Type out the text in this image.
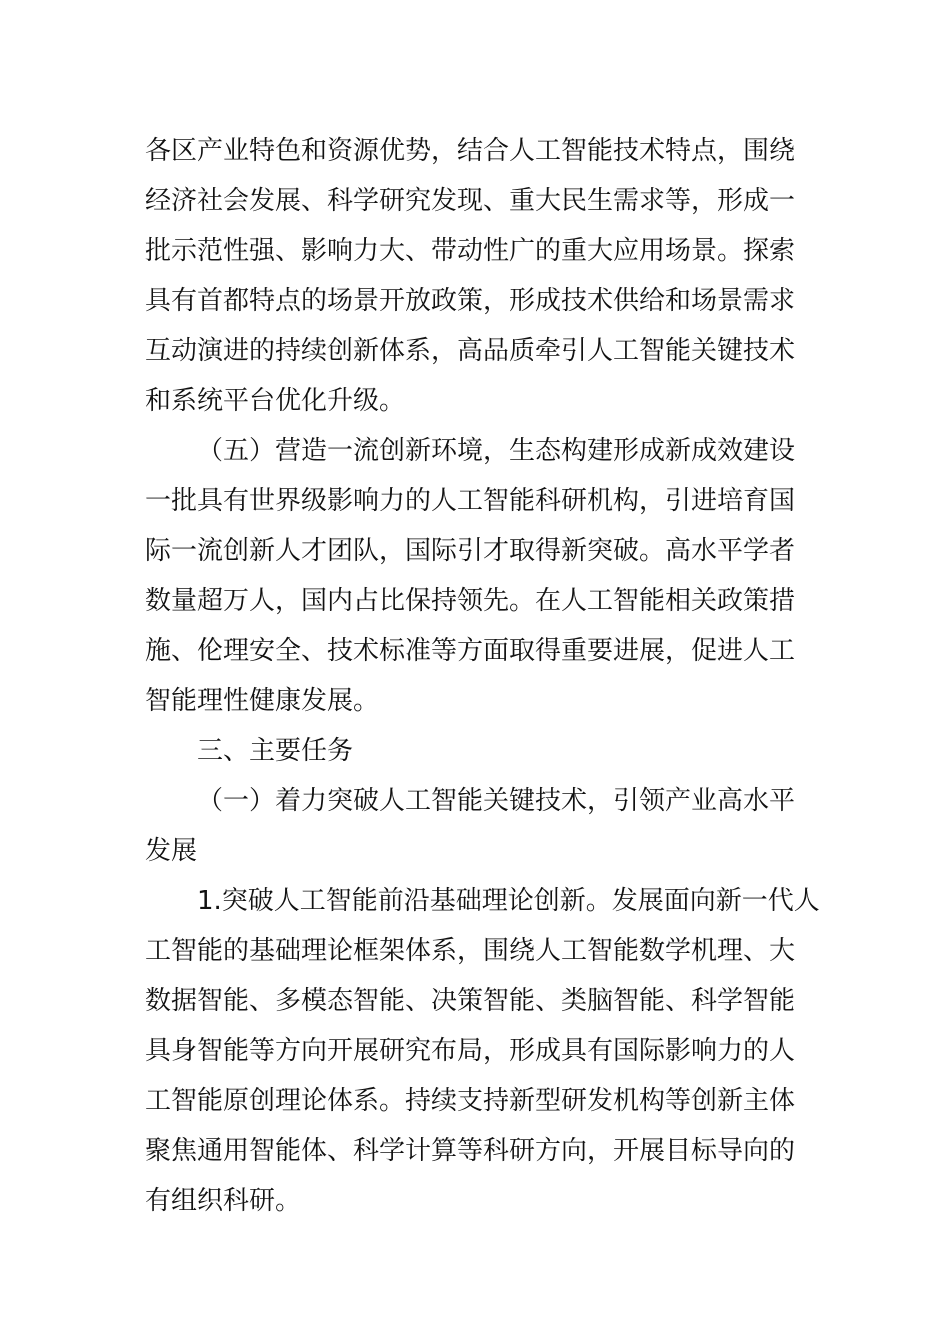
各区产业特色和资源优势，结合人工智能技术特点，围绕
经济社会发展、科学研究发现、重大民生需求等，形成一
批示范性强、影响力大、带动性广的重大应用场景。探索
具有首都特点的场景开放政策，形成技术供给和场景需求
互动演进的持续创新体系，高品质牵引人工智能关键技术
和系统平台优化升级。
（五）营造一流创新环境，生态构建形成新成效建设
一批具有世界级影响力的人工智能科研机构，引进培育国
际一流创新人才团队，国际引才取得新突破。高水平学者
数量超万人，国内占比保持领先。在人工智能相关政策措
施、伦理安全、技术标准等方面取得重要进展，促进人工
智能理性健康发展。
三、主要任务
（一）着力突破人工智能关键技术，引领产业高水平
发展
1.突破人工智能前沿基础理论创新。发展面向新一代人
工智能的基础理论框架体系，围绕人工智能数学机理、大
数据智能、多模态智能、决策智能、类脑智能、科学智能
具身智能等方向开展研究布局，形成具有国际影响力的人
工智能原创理论体系。持续支持新型研发机构等创新主体
聚焦通用智能体、科学计算等科研方向，开展目标导向的
有组织科研。
